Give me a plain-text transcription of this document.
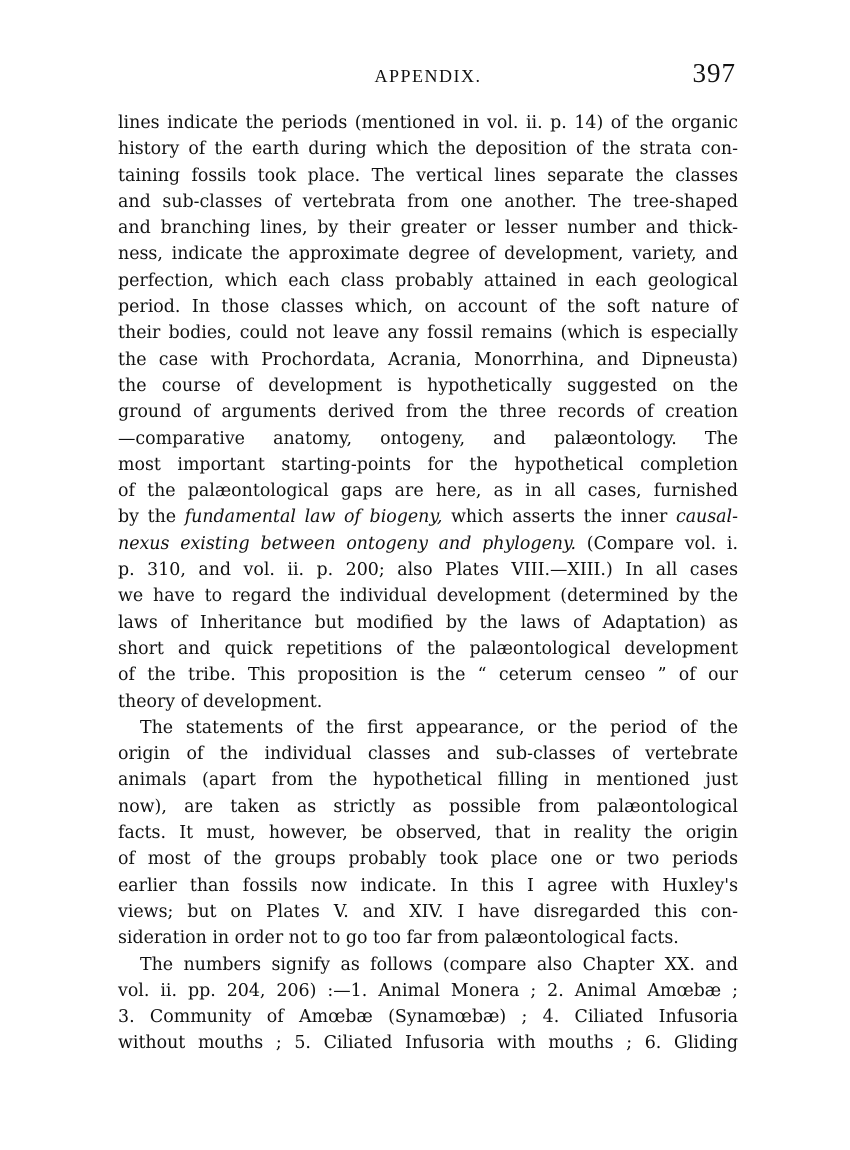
APPENDIX.	397

lines indicate the periods (mentioned in vol. ii. p. 14) of the organic
history of the earth during which the deposition of the strata con-
taining fossils took place. The vertical lines separate the classes
and sub-classes of vertebrata from one another. The tree-shaped
and branching lines, by their greater or lesser number and thick-
ness, indicate the approximate degree of development, variety, and
perfection, which each class probably attained in each geological
period. In those classes which, on account of the soft nature of
their bodies, could not leave any fossil remains (which is especially
the case with Prochordata, Acrania, Monorrhina, and Dipneusta)
the course of development is hypothetically suggested on the
ground of arguments derived from the three records of creation
—comparative anatomy, ontogeny, and palæontology. The
most important starting-points for the hypothetical completion
of the palæontological gaps are here, as in all cases, furnished
by the fundamental law of biogeny, which asserts the inner causal-
nexus existing between ontogeny and phylogeny. (Compare vol. i.
p. 310, and vol. ii. p. 200; also Plates VIII.—XIII.) In all cases
we have to regard the individual development (determined by the
laws of Inheritance but modified by the laws of Adaptation) as
short and quick repetitions of the palæontological development
of the tribe. This proposition is the “ ceterum censeo ” of our
theory of development.

The statements of the first appearance, or the period of the
origin of the individual classes and sub-classes of vertebrate
animals (apart from the hypothetical filling in mentioned just
now), are taken as strictly as possible from palæontological
facts. It must, however, be observed, that in reality the origin
of most of the groups probably took place one or two periods
earlier than fossils now indicate. In this I agree with Huxley's
views; but on Plates V. and XIV. I have disregarded this con-
sideration in order not to go too far from palæontological facts.

The numbers signify as follows (compare also Chapter XX. and
vol. ii. pp. 204, 206) :—1. Animal Monera ; 2. Animal Amœbæ ;
3. Community of Amœbæ (Synamœbæ) ; 4. Ciliated Infusoria
without mouths ; 5. Ciliated Infusoria with mouths ; 6. Gliding
